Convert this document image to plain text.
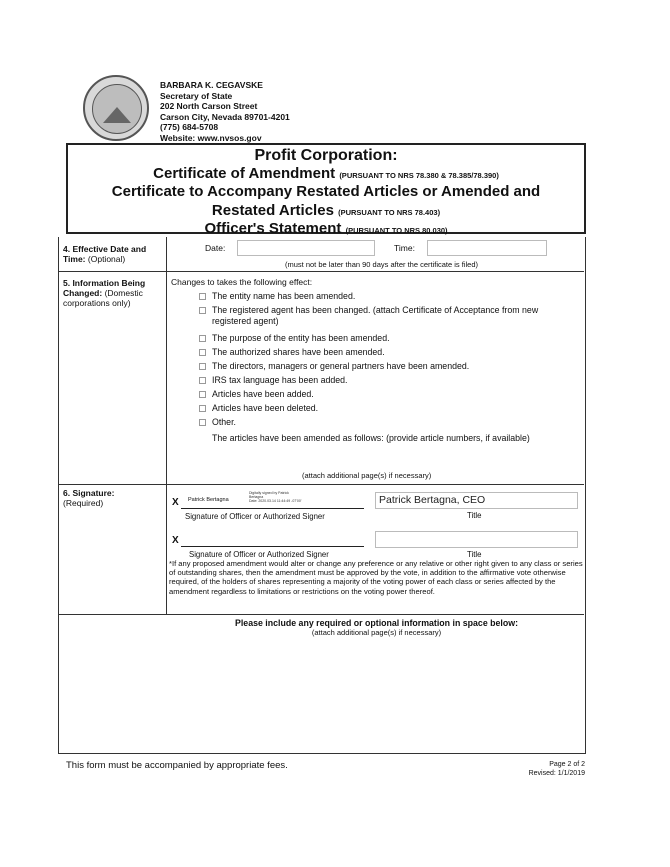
BARBARA K. CEGAVSKE
Secretary of State
202 North Carson Street
Carson City, Nevada 89701-4201
(775) 684-5708
Website: www.nvsos.gov
Profit Corporation:
Certificate of Amendment (PURSUANT TO NRS 78.380 & 78.385/78.390)
Certificate to Accompany Restated Articles or Amended and
Restated Articles (PURSUANT TO NRS 78.403)
Officer's Statement (PURSUANT TO NRS 80.030)
4. Effective Date and Time: (Optional)
Date:	Time:
(must not be later than 90 days after the certificate is filed)
5. Information Being Changed: (Domestic corporations only)
Changes to takes the following effect:
The entity name has been amended.
The registered agent has been changed. (attach Certificate of Acceptance from new registered agent)
The purpose of the entity has been amended.
The authorized shares have been amended.
The directors, managers or general partners have been amended.
IRS tax language has been added.
Articles have been added.
Articles have been deleted.
Other.
The articles have been amended as follows: (provide article numbers, if available)
(attach additional page(s) if necessary)
6. Signature:
(Required)	X Patrick Bertagna
Digitally signed by Patrick
Bertagna
Date: 2020.03.14 11:44:49 -07'00'
Signature of Officer or Authorized Signer
Patrick Bertagna, CEO
Title
X
Signature of Officer or Authorized Signer	Title
*If any proposed amendment would alter or change any preference or any relative or other right given to any class or series of outstanding shares, then the amendment must be approved by the vote, in addition to the affirmative vote otherwise required, of the holders of shares representing a majority of the voting power of each class or series affected by the amendment regardless to limitations or restrictions on the voting power thereof.
Please include any required or optional information in space below:
(attach additional page(s) if necessary)
This form must be accompanied by appropriate fees.	Page 2 of 2
Revised: 1/1/2019
